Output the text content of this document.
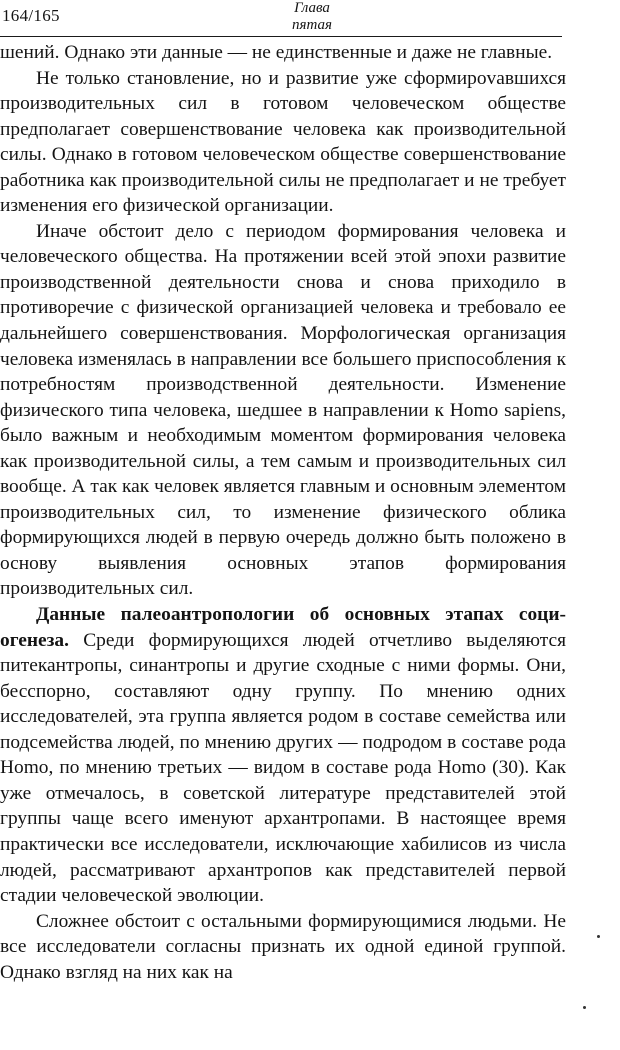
164/165	Глава
пятая

шений. Однако эти данные — не единственные и даже не главные.

Не только становление, но и развитие уже сформироvавшихся производительных сил в готовом человеческом обществе предполагает совершенствование человека как производительной силы. Однако в готовом человеческом обществе совершенствование работника как производительной силы не предполагает и не требует изменения его физической организации.

Иначе обстоит дело с периодом формирования человека и человеческого общества. На протяжении всей этой эпохи развитие производственной деятельности снова и снова приходило в противоречие с физической организацией человека и требовало ее дальнейшего совершенствования. Морфологическая организация человека изменялась в направлении все большего приспособления к потребностям производственной деятельности. Изменение физического типа человека, шедшее в направлении к Homo sapiens, было важным и необходимым моментом формирования человека как производительной силы, а тем самым и производительных сил вообще. А так как человек является главным и основным элементом производительных сил, то изменение физического облика формирующихся людей в первую очередь должно быть положено в основу выявления основных этапов формирования производительных сил.

Данные палеоантропологии об основных этапах социогенеза. Среди формирующихся людей отчетливо выделяются питекантропы, синантропы и другие сходные с ними формы. Они, бесспорно, составляют одну группу. По мнению одних исследователей, эта группа является родом в составе семейства или подсемейства людей, по мнению других — подродом в составе рода Homo, по мнению третьих — видом в составе рода Homo (30). Как уже отмечалось, в советской литературе представителей этой группы чаще всего именуют архантропами. В настоящее время практически все исследователи, исключающие хабилисов из числа людей, рассматривают архантропов как представителей первой стадии человеческой эволюции.

Сложнее обстоит с остальными формирующимися людьми. Не все исследователи согласны признать их одной единой группой. Однако взгляд на них как на
